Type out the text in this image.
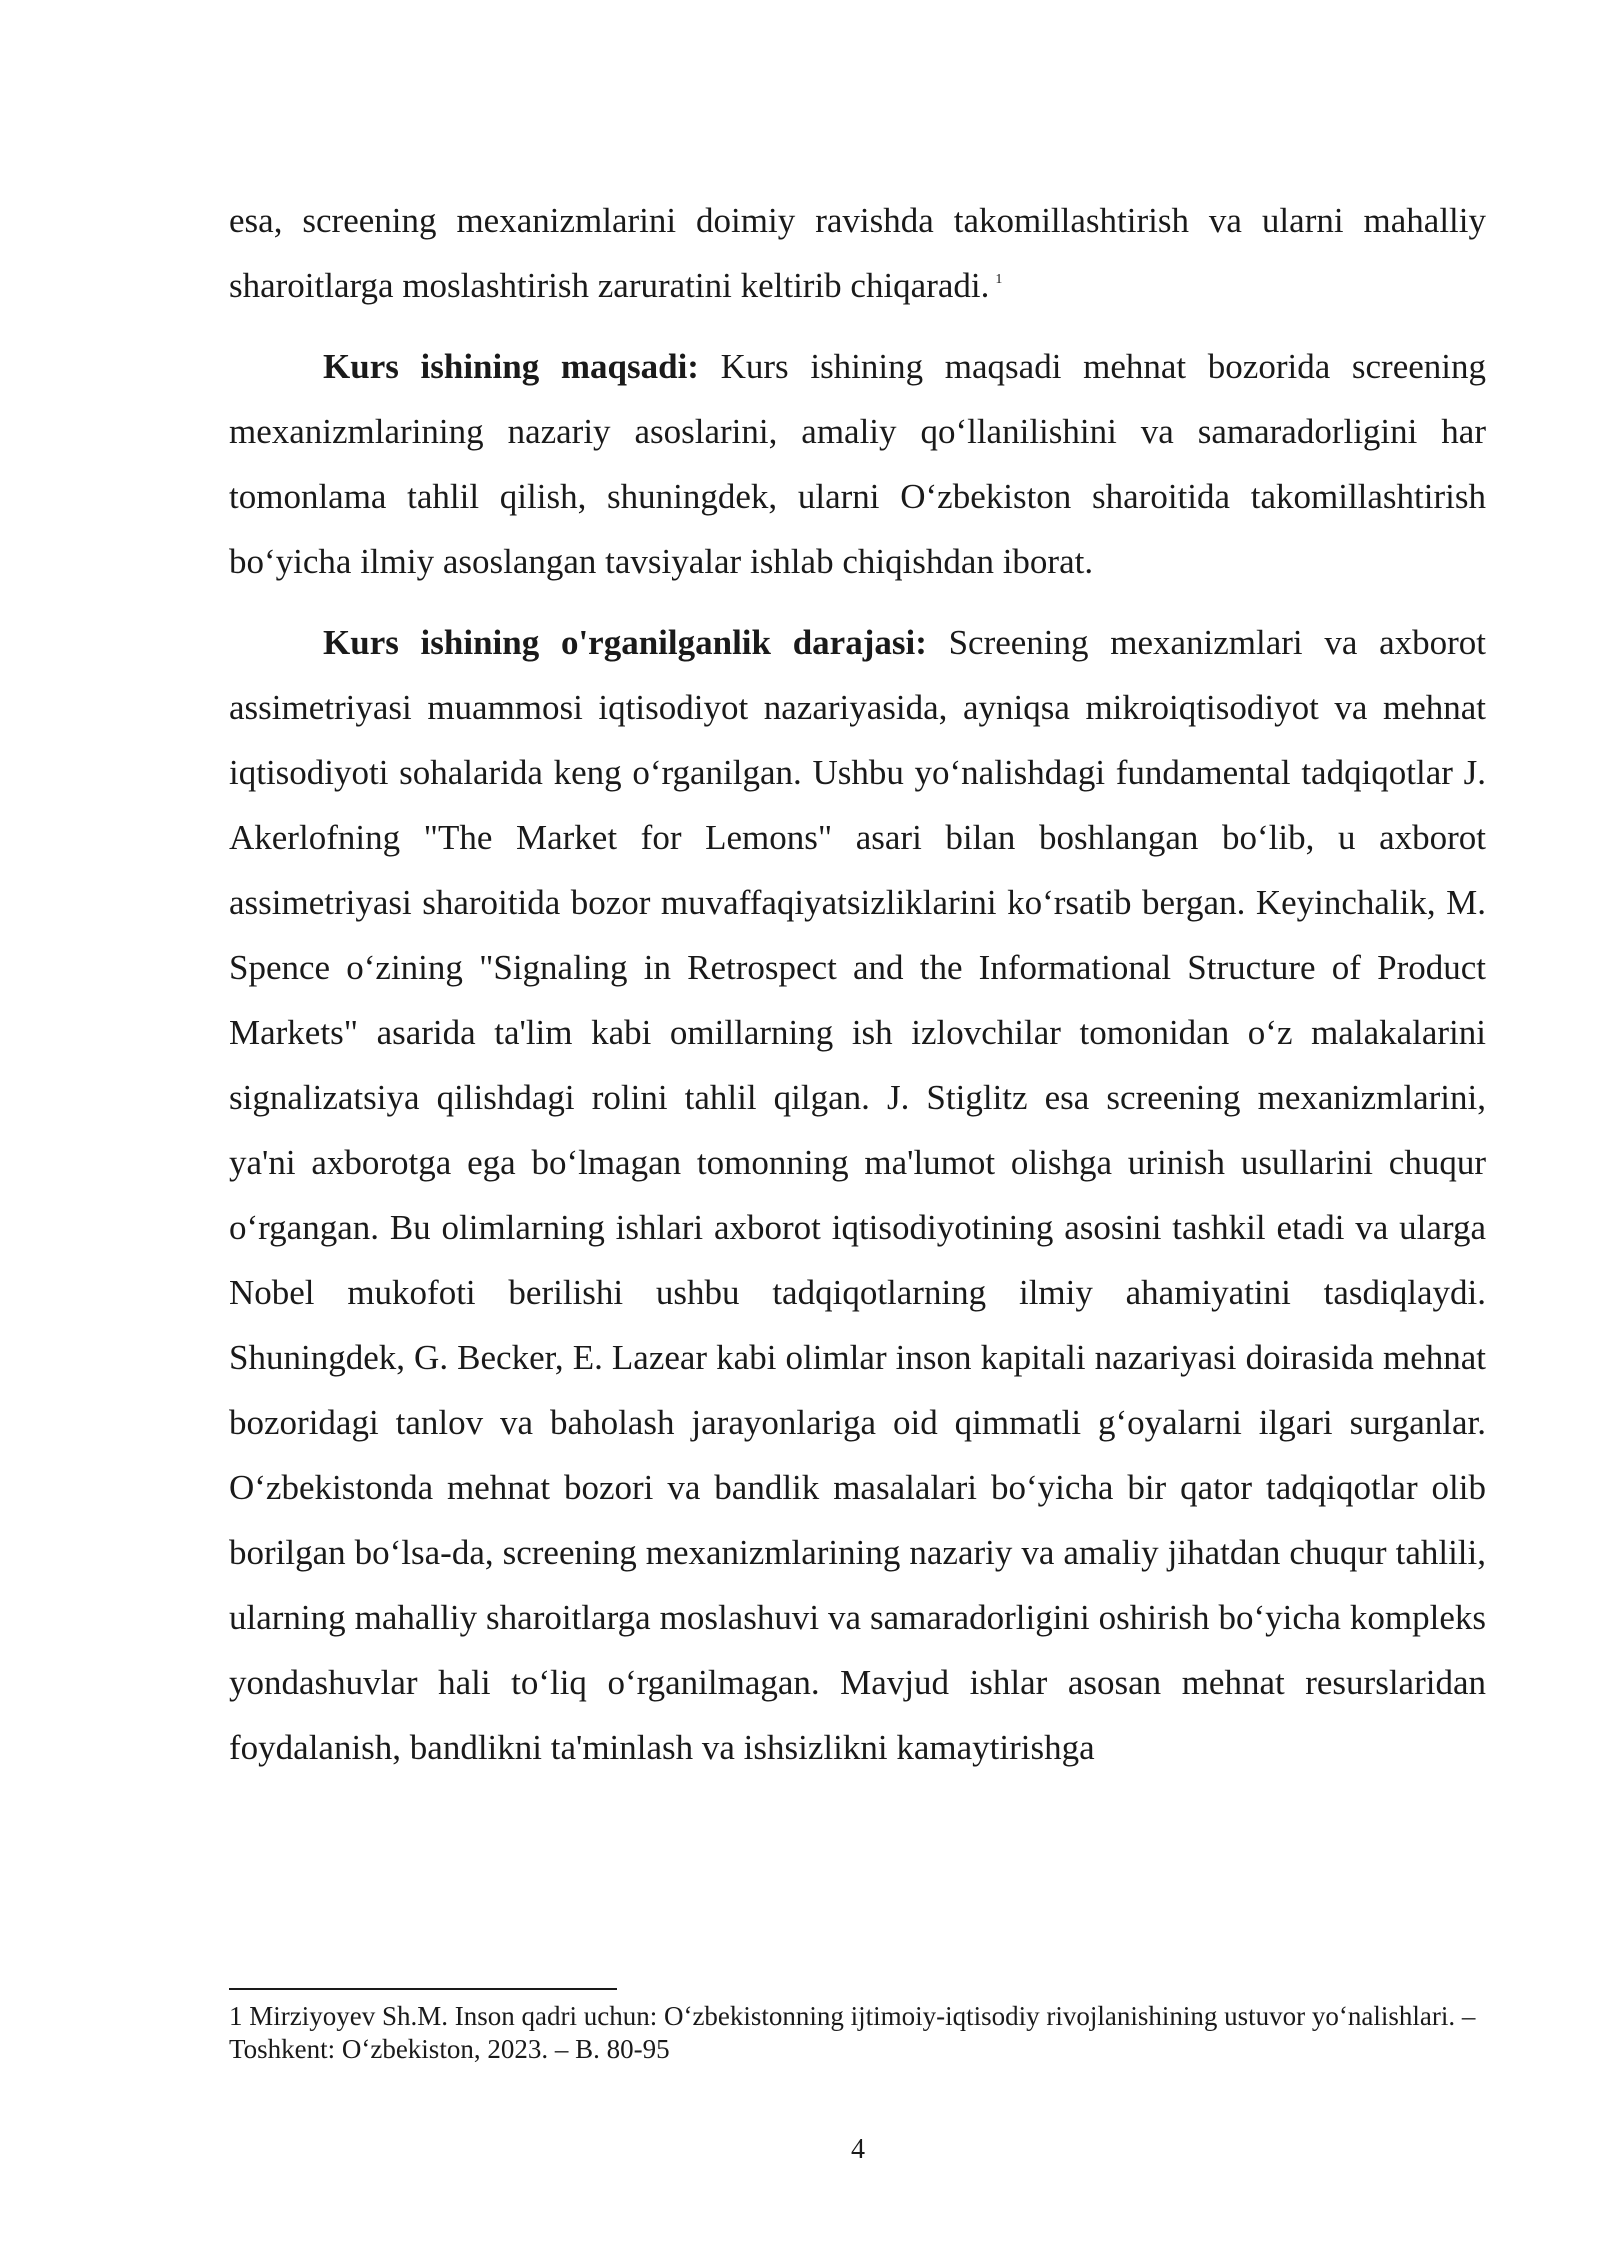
esa, screening mexanizmlarini doimiy ravishda takomillashtirish va ularni mahalliy sharoitlarga moslashtirish zaruratini keltirib chiqaradi. $^1$

Kurs ishining maqsadi: Kurs ishining maqsadi mehnat bozorida screening mexanizmlarining nazariy asoslarini, amaliy qoʻllanilishini va samaradorligini har tomonlama tahlil qilish, shuningdek, ularni Oʻzbekiston sharoitida takomillashtirish boʻyicha ilmiy asoslangan tavsiyalar ishlab chiqishdan iborat.

Kurs ishining o'rganilganlik darajasi: Screening mexanizmlari va axborot assimetriyasi muammosi iqtisodiyot nazariyasida, ayniqsa mikroiqtisodiyot va mehnat iqtisodiyoti sohalarida keng oʻrganilgan. Ushbu yoʻnalishdagi fundamental tadqiqotlar J. Akerlofning "The Market for Lemons" asari bilan boshlangan boʻlib, u axborot assimetriyasi sharoitida bozor muvaffaqiyatsizliklarini koʻrsatib bergan. Keyinchalik, M. Spence oʻzining "Signaling in Retrospect and the Informational Structure of Product Markets" asarida ta'lim kabi omillarning ish izlovchilar tomonidan oʻz malakalarini signalizatsiya qilishdagi rolini tahlil qilgan. J. Stiglitz esa screening mexanizmlarini, ya'ni axborotga ega boʻlmagan tomonning ma'lumot olishga urinish usullarini chuqur oʻrgangan. Bu olimlarning ishlari axborot iqtisodiyotining asosini tashkil etadi va ularga Nobel mukofoti berilishi ushbu tadqiqotlarning ilmiy ahamiyatini tasdiqlaydi. Shuningdek, G. Becker, E. Lazear kabi olimlar inson kapitali nazariyasi doirasida mehnat bozoridagi tanlov va baholash jarayonlariga oid qimmatli gʻoyalarni ilgari surganlar. Oʻzbekistonda mehnat bozori va bandlik masalalari boʻyicha bir qator tadqiqotlar olib borilgan boʻlsa-da, screening mexanizmlarining nazariy va amaliy jihatdan chuqur tahlili, ularning mahalliy sharoitlarga moslashuvi va samaradorligini oshirish boʻyicha kompleks yondashuvlar hali toʻliq oʻrganilmagan. Mavjud ishlar asosan mehnat resurslaridan foydalanish, bandlikni ta'minlash va ishsizlikni kamaytirishga

1 Mirziyoyev Sh.M. Inson qadri uchun: Oʻzbekistonning ijtimoiy-iqtisodiy rivojlanishining ustuvor yoʻnalishlari. – Toshkent: Oʻzbekiston, 2023. – B. 80-95

4
